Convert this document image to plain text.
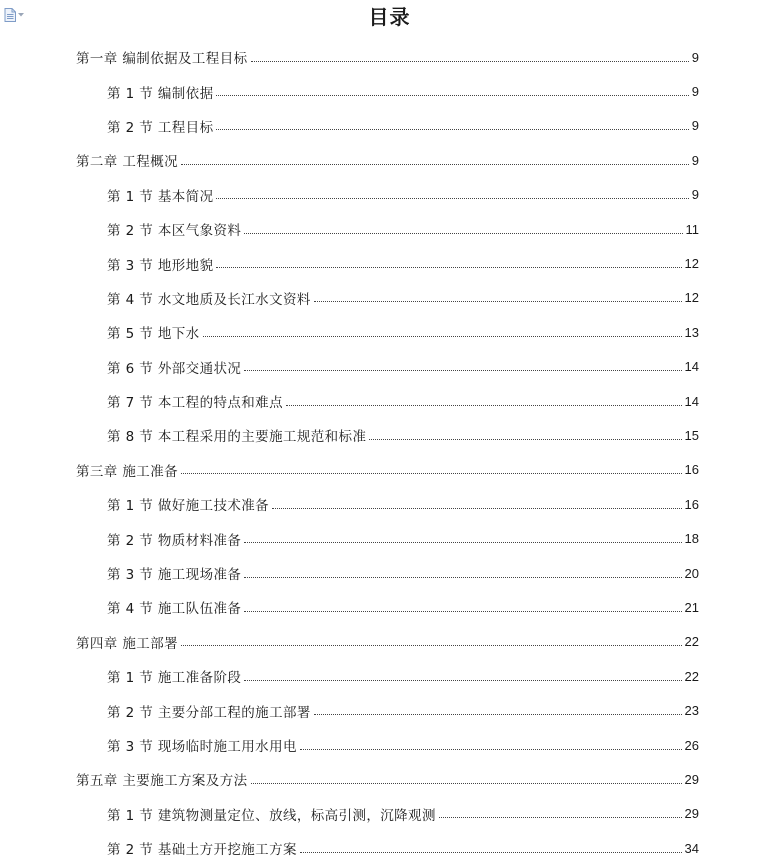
目录
第一章 编制依据及工程目标	9
第 1 节 编制依据	9
第 2 节 工程目标	9
第二章 工程概况	9
第 1 节 基本简况	9
第 2 节 本区气象资料	11
第 3 节 地形地貌	12
第 4 节 水文地质及长江水文资料	12
第 5 节 地下水	13
第 6 节 外部交通状况	14
第 7 节 本工程的特点和难点	14
第 8 节 本工程采用的主要施工规范和标准	15
第三章 施工准备	16
第 1 节 做好施工技术准备	16
第 2 节 物质材料准备	18
第 3 节 施工现场准备	20
第 4 节 施工队伍准备	21
第四章 施工部署	22
第 1 节 施工准备阶段	22
第 2 节 主要分部工程的施工部署	23
第 3 节 现场临时施工用水用电	26
第五章 主要施工方案及方法	29
第 1 节 建筑物测量定位、放线，标高引测，沉降观测	29
第 2 节 基础土方开挖施工方案	34
